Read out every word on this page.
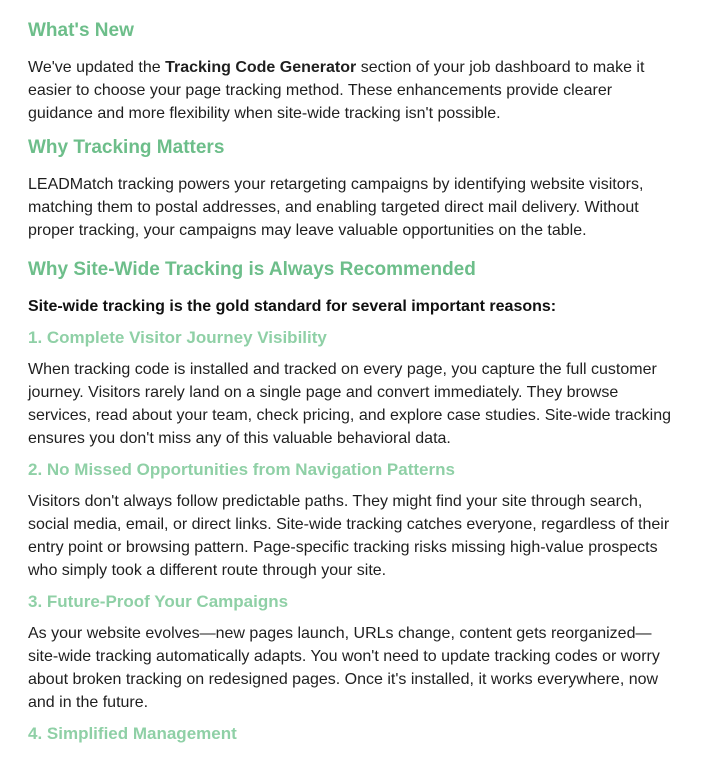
What's New

We've updated the Tracking Code Generator section of your job dashboard to make it easier to choose your page tracking method. These enhancements provide clearer guidance and more flexibility when site-wide tracking isn't possible.

Why Tracking Matters

LEADMatch tracking powers your retargeting campaigns by identifying website visitors, matching them to postal addresses, and enabling targeted direct mail delivery. Without proper tracking, your campaigns may leave valuable opportunities on the table.

Why Site-Wide Tracking is Always Recommended

Site-wide tracking is the gold standard for several important reasons:

1. Complete Visitor Journey Visibility

When tracking code is installed and tracked on every page, you capture the full customer journey. Visitors rarely land on a single page and convert immediately. They browse services, read about your team, check pricing, and explore case studies. Site-wide tracking ensures you don't miss any of this valuable behavioral data.

2. No Missed Opportunities from Navigation Patterns

Visitors don't always follow predictable paths. They might find your site through search, social media, email, or direct links. Site-wide tracking catches everyone, regardless of their entry point or browsing pattern. Page-specific tracking risks missing high-value prospects who simply took a different route through your site.

3. Future-Proof Your Campaigns

As your website evolves—new pages launch, URLs change, content gets reorganized—site-wide tracking automatically adapts. You won't need to update tracking codes or worry about broken tracking on redesigned pages. Once it's installed, it works everywhere, now and in the future.

4. Simplified Management
